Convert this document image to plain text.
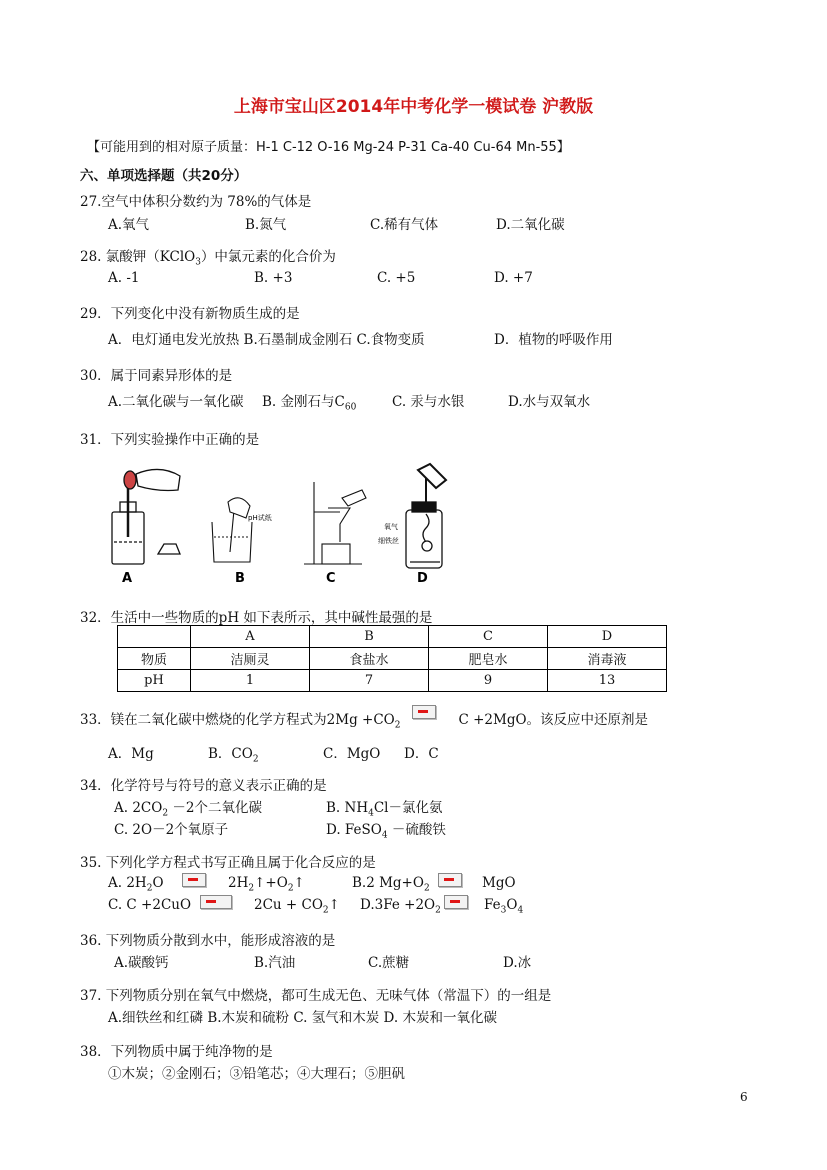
上海市宝山区2014年中考化学一模试卷 沪教版
【可能用到的相对原子质量：H-1 C-12 O-16 Mg-24 P-31 Ca-40 Cu-64 Mn-55】
六、单项选择题（共20分）
27.空气中体积分数约为 78%的气体是
A.氧气	B.氮气	C.稀有气体	D.二氧化碳
28. 氯酸钾（KClO$_3$）中氯元素的化合价为
A. -1	B. +3	C. +5	D. +7
29．下列变化中没有新物质生成的是
A．电灯通电发光放热 B.石墨制成金刚石 C.食物变质	D．植物的呼吸作用
30．属于同素异形体的是
A.二氧化碳与一氧化碳 B. 金刚石与$C_{60}$	C. 汞与水银	D.水与双氧水
31．下列实验操作中正确的是
A
pH试纸
B	C
氧气
细铁丝
D
32．生活中一些物质的pH 如下表所示，其中碱性最强的是
	A	B	C	D
物质	洁厕灵	食盐水	肥皂水	消毒液
pH	1	7	9	13
33．镁在二氧化碳中燃烧的化学方程式为$2Mg +CO_2$	C +2MgO。该反应中还原剂是
A．Mg	B．$CO_2$	C．MgO D．C
34．化学符号与符号的意义表示正确的是
A. $2CO_2 -2$个二氧化碳	B. $NH_4Cl-$氯化氨
C. 2O－2个氧原子	D. FeSO$_4$ －硫酸铁
35. 下列化学方程式书写正确且属于化合反应的是
A. $2H_2O$	$2H_2↑+O_2↑$	B.2 $Mg+O_2$	MgO
C. C +2CuO	$2Cu + CO_2↑$ $D.3Fe +2O_2$	$Fe_3O_4$
36. 下列物质分散到水中，能形成溶液的是
A.碳酸钙	B.汽油	C.蔗糖	D.冰
37. 下列物质分别在氧气中燃烧，都可生成无色、无味气体（常温下）的一组是
A.细铁丝和红磷 B.木炭和硫粉 C. 氢气和木炭 D. 木炭和一氧化碳
38．下列物质中属于纯净物的是
①木炭；②金刚石；③铅笔芯；④大理石；⑤胆矾
6
